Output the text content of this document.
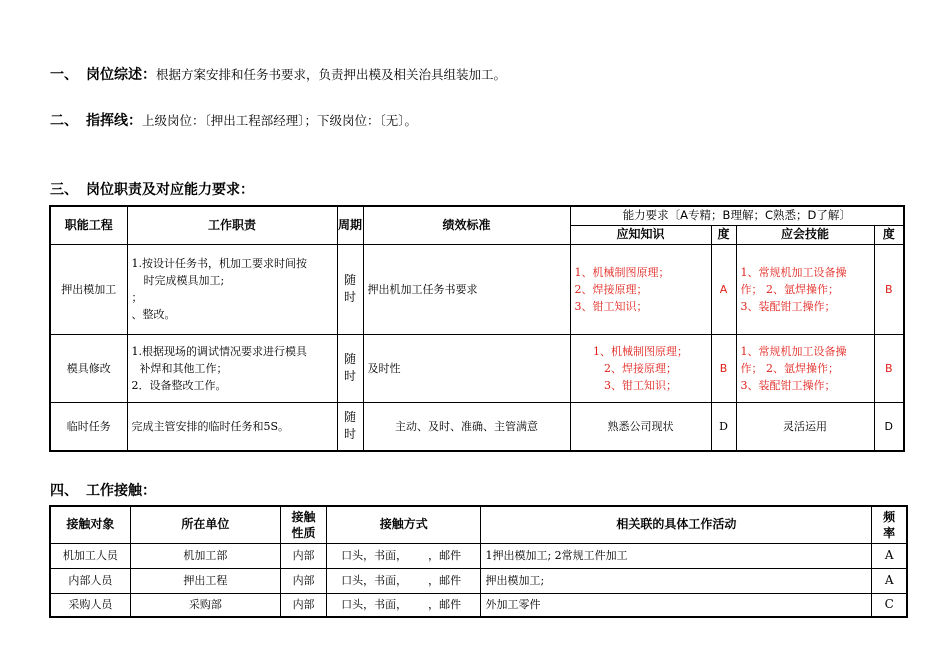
一、 岗位综述：根据方案安排和任务书要求，负责押出模及相关治具组装加工。
二、 指挥线：上级岗位：〔押出工程部经理〕；下级岗位：〔无〕。
三、 岗位职责及对应能力要求：
职能工程	工作职责	周期	绩效标准	能力要求〔A专精；B理解；C熟悉；D了解〕			
				应知知识	度	应会技能	度
押出模加工	1.按设计任务书，机加工要求时间按
时完成模具加工;
；
、整改。	随时	押出机加工任务书要求	1、机械制图原理；
2、焊接原理；
3、钳工知识；	A	1、常规机加工设备操
作； 2、氩焊操作；
3、装配钳工操作；	B
模具修改	1.根据现场的调试情况要求进行模具
补焊和其他工作；
2．设备整改工作。	随时	及时性	1、机械制图原理；
2、焊接原理；
3、钳工知识；	B	1、常规机加工设备操
作； 2、氩焊操作；
3、装配钳工操作；	B
临时任务	完成主管安排的临时任务和5S。	随时	主动、及时、准确、主管满意	熟悉公司现状	D	灵活运用	D
四、 工作接触：
接触对象	所在单位	接触性质	接触方式	相关联的具体工作活动	频率
机加工人员	机加工部	内部	口头，书面，      ，邮件	1押出模加工; 2常规工件加工	A
内部人员	押出工程	内部	口头，书面，      ，邮件	押出模加工;	A
采购人员	采购部	内部	口头，书面，      ，邮件	外加工零件	C
